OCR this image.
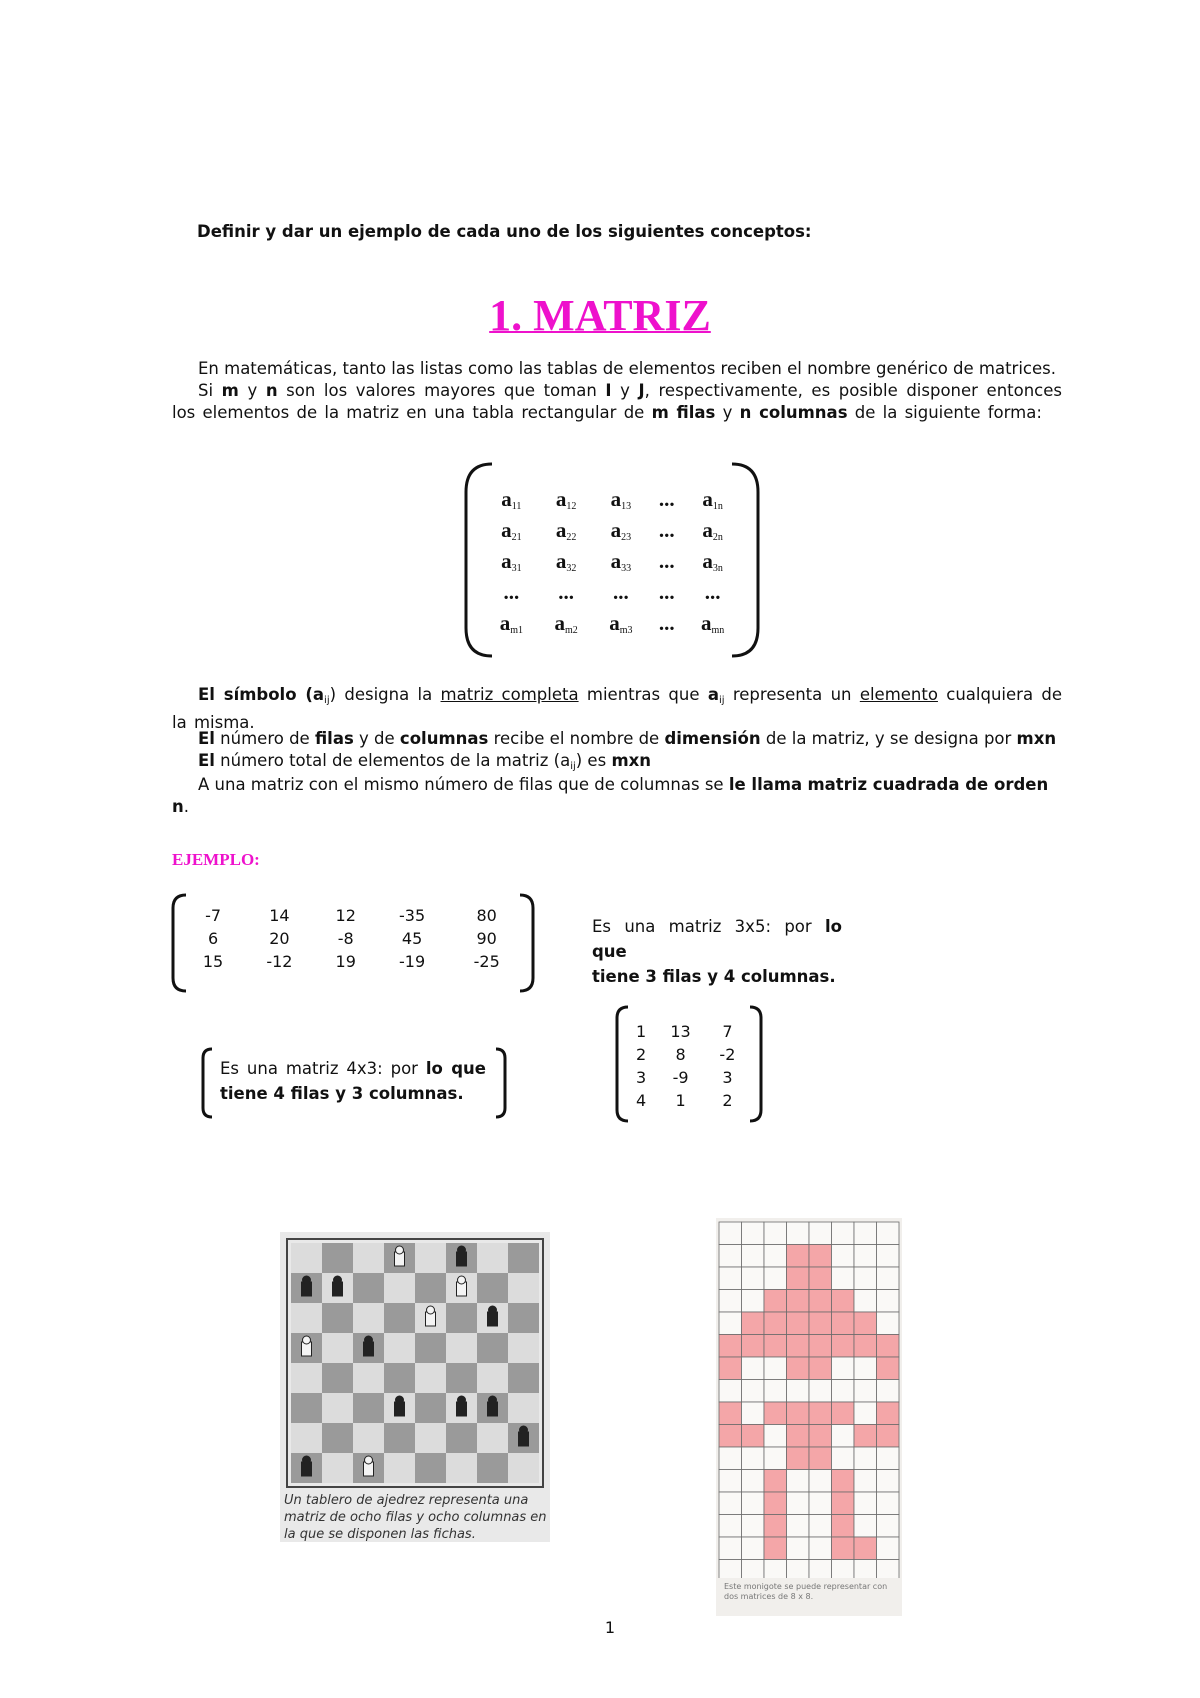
Definir y dar un ejemplo de cada uno de los siguientes conceptos:
1. MATRIZ
En matemáticas, tanto las listas como las tablas de elementos reciben el nombre genérico de matrices.
Si m y n son los valores mayores que toman I y J, respectivamente, es posible disponer entonces los elementos de la matriz en una tabla rectangular de m filas y n columnas de la siguiente forma:
$a_{11}$	$a_{12}$	$a_{13}$	...	$a_{1n}$
$a_{21}$	$a_{22}$	$a_{23}$	...	$a_{2n}$
$a_{31}$	$a_{32}$	$a_{33}$	...	$a_{3n}$
...	...	...	...	...
$a_{m1}$	$a_{m2}$	$a_{m3}$	...	$a_{mn}$
El símbolo $(a_{ij})$ designa la matriz completa mientras que $a_{ij}$ representa un elemento cualquiera de la misma.
El número de filas y de columnas recibe el nombre de dimensión de la matriz, y se designa por mxn
El número total de elementos de la matriz $(a_{ij})$ es mxn
A una matriz con el mismo número de filas que de columnas se le llama matriz cuadrada de orden n.
EJEMPLO:
-7	14	12	-35	80
6	20	-8	45	90
15	-12	19	-19	-25
Es una matriz 3x5: por lo que
tiene 3 filas y 4 columnas.
1	13	7
2	8	-2
3	-9	3
4	1	2
Es una matriz 4x3: por lo que
tiene 4 filas y 3 columnas.
Un tablero de ajedrez representa una matriz de ocho filas y ocho columnas en la que se disponen las fichas.
Este monigote se puede representar con dos matrices de 8 x 8.
1
